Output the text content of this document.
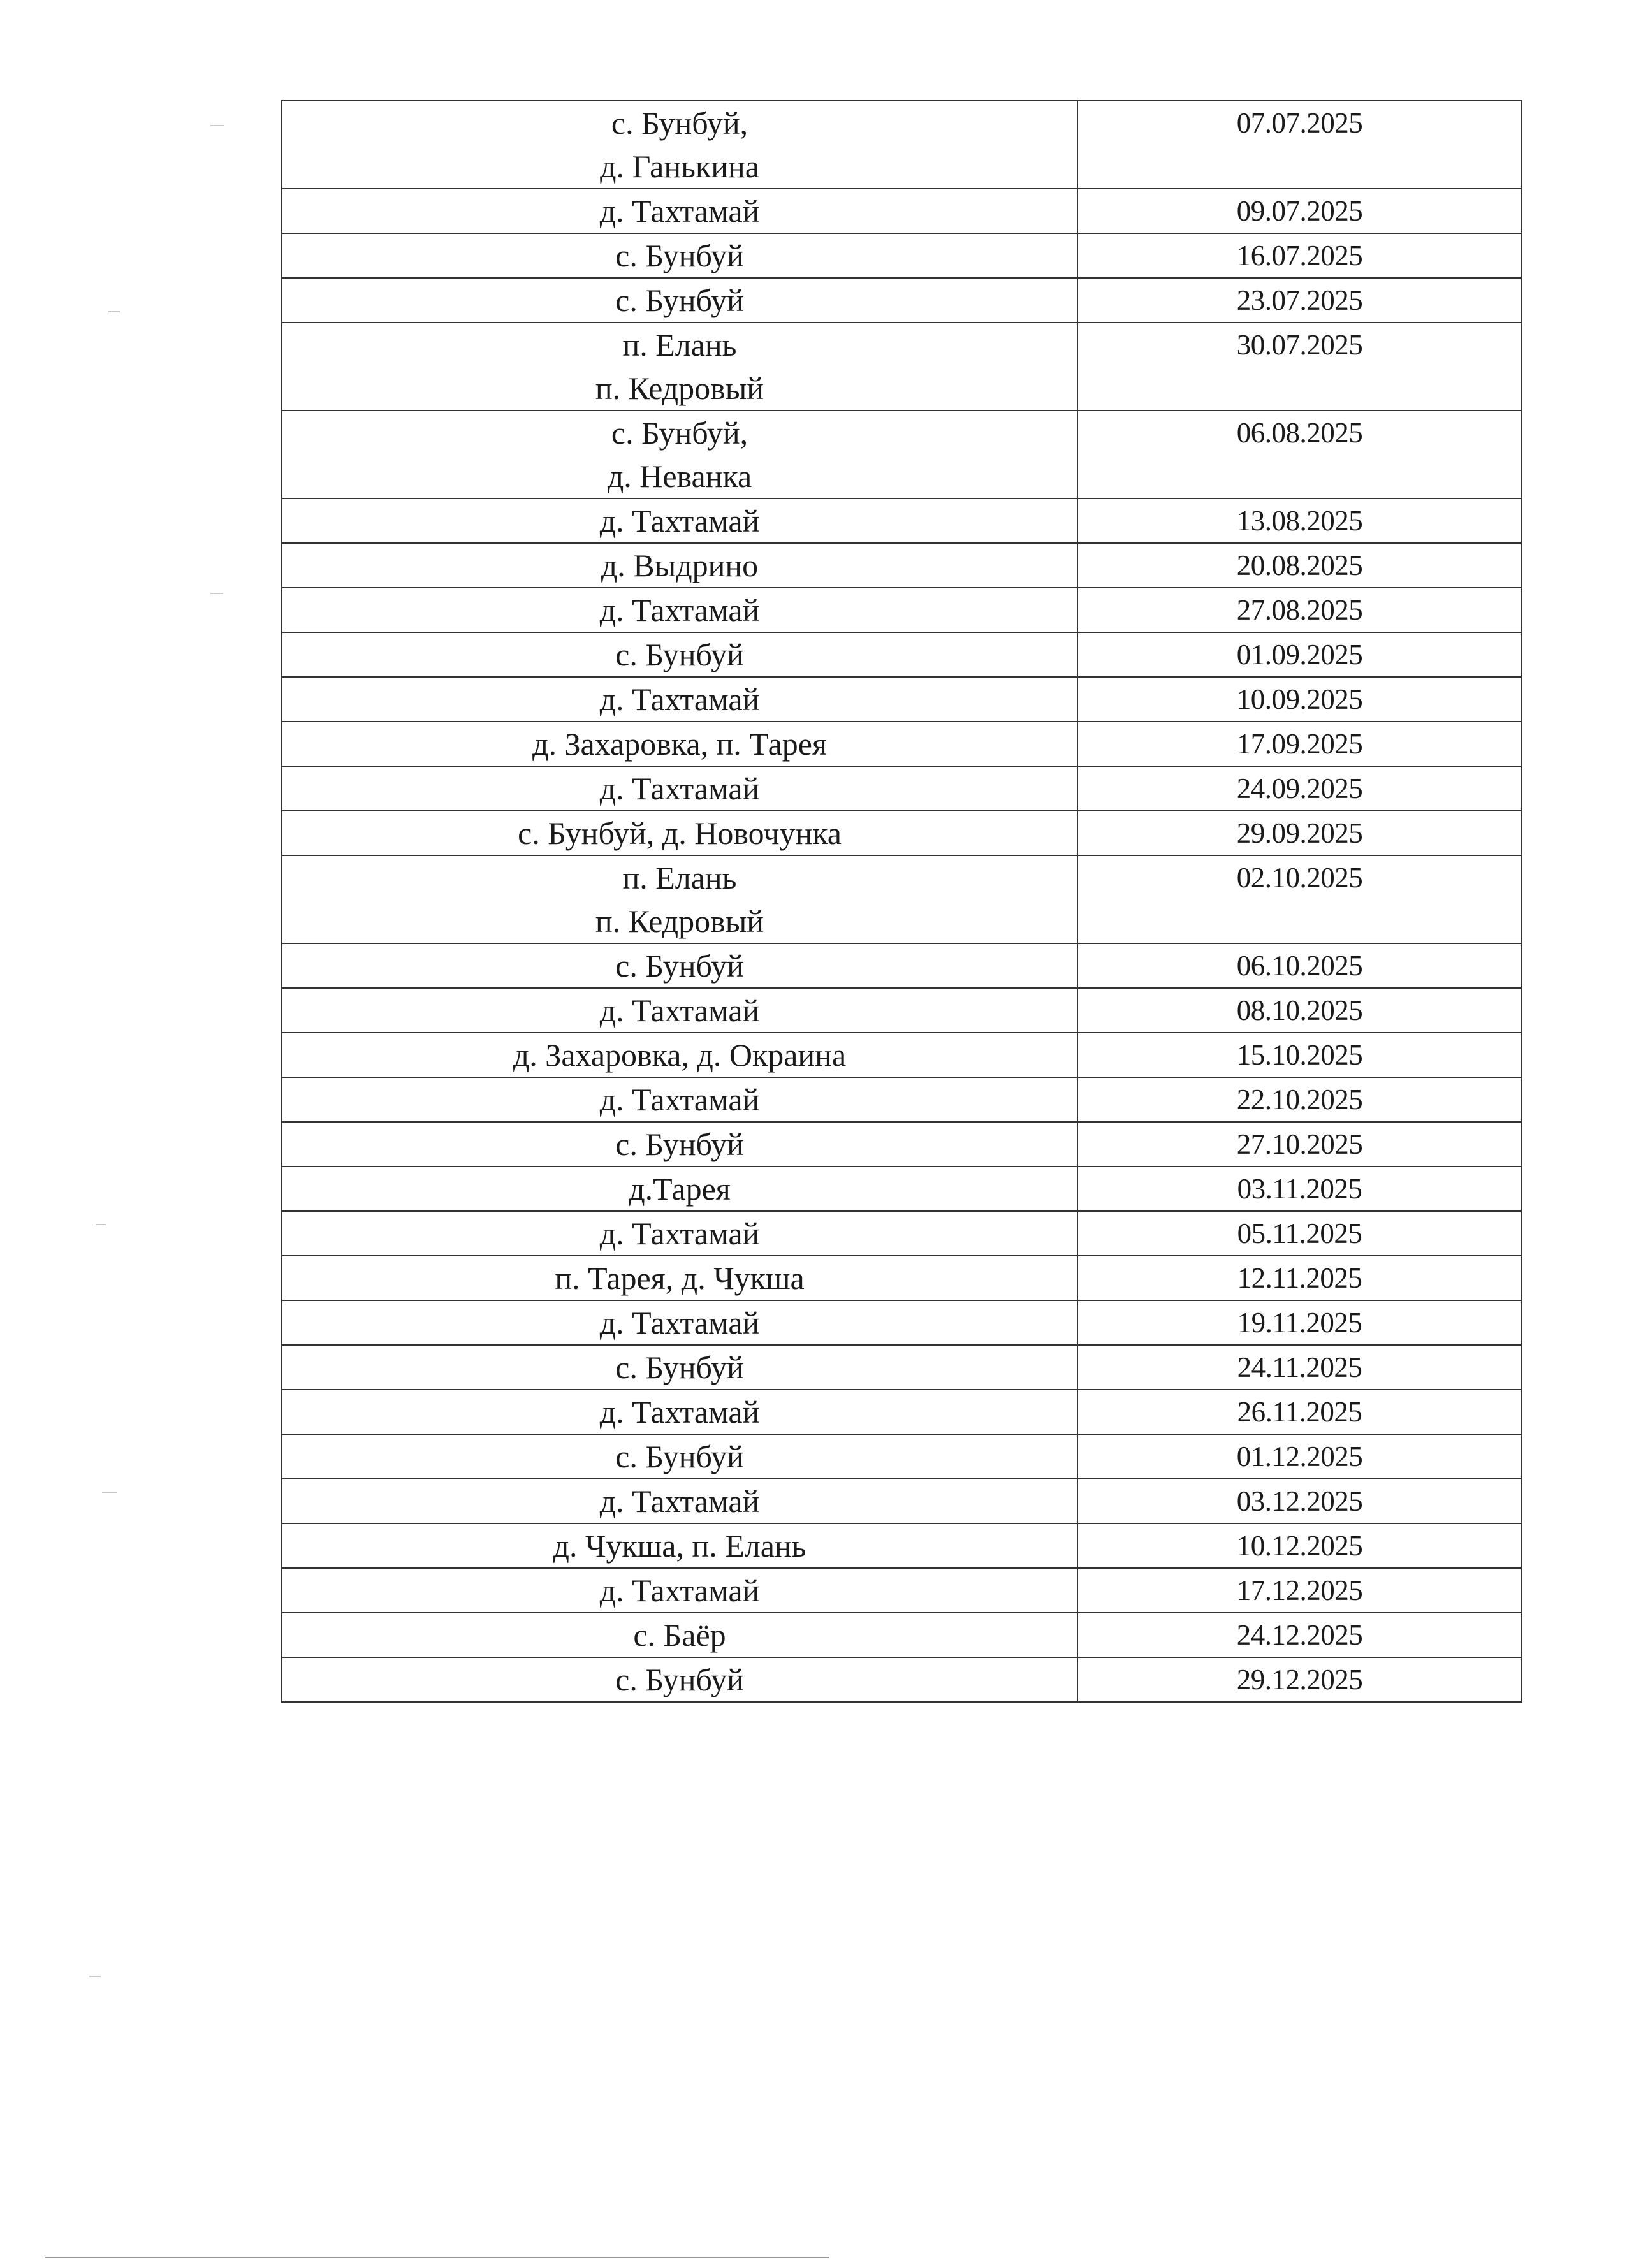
с. Бунбуй,
д. Ганькина	07.07.2025

д. Тахтамай	09.07.2025

с. Бунбуй	16.07.2025

с. Бунбуй	23.07.2025

п. Елань
п. Кедровый	30.07.2025

с. Бунбуй,
д. Неванка	06.08.2025

д. Тахтамай	13.08.2025

д. Выдрино	20.08.2025

д. Тахтамай	27.08.2025

с. Бунбуй	01.09.2025

д. Тахтамай	10.09.2025

д. Захаровка, п. Тарея	17.09.2025

д. Тахтамай	24.09.2025

с. Бунбуй, д. Новочунка	29.09.2025

п. Елань
п. Кедровый	02.10.2025

с. Бунбуй	06.10.2025

д. Тахтамай	08.10.2025

д. Захаровка, д. Окраина	15.10.2025

д. Тахтамай	22.10.2025

с. Бунбуй	27.10.2025

д.Тарея	03.11.2025

д. Тахтамай	05.11.2025

п. Тарея, д. Чукша	12.11.2025

д. Тахтамай	19.11.2025

с. Бунбуй	24.11.2025

д. Тахтамай	26.11.2025

с. Бунбуй	01.12.2025

д. Тахтамай	03.12.2025

д. Чукша, п. Елань	10.12.2025

д. Тахтамай	17.12.2025

с. Баёр	24.12.2025

с. Бунбуй	29.12.2025
